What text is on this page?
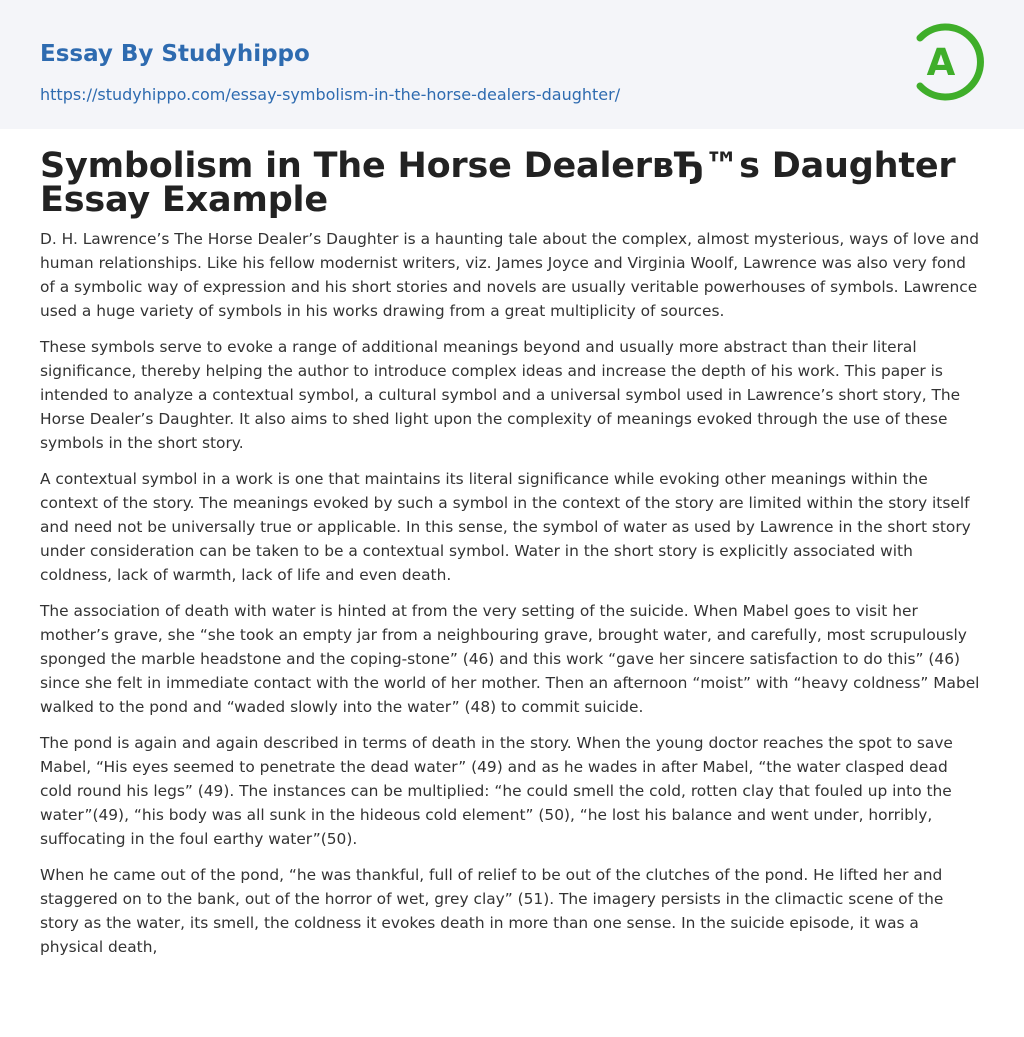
Essay By Studyhippo
https://studyhippo.com/essay-symbolism-in-the-horse-dealers-daughter/
A
Symbolism in The Horse DealerвЂ™s Daughter Essay Example

D. H. Lawrence’s The Horse Dealer’s Daughter is a haunting tale about the complex, almost mysterious, ways of love and human relationships. Like his fellow modernist writers, viz. James Joyce and Virginia Woolf, Lawrence was also very fond of a symbolic way of expression and his short stories and novels are usually veritable powerhouses of symbols. Lawrence used a huge variety of symbols in his works drawing from a great multiplicity of sources.

These symbols serve to evoke a range of additional meanings beyond and usually more abstract than their literal significance, thereby helping the author to introduce complex ideas and increase the depth of his work. This paper is intended to analyze a contextual symbol, a cultural symbol and a universal symbol used in Lawrence’s short story, The Horse Dealer’s Daughter. It also aims to shed light upon the complexity of meanings evoked through the use of these symbols in the short story.

A contextual symbol in a work is one that maintains its literal significance while evoking other meanings within the context of the story. The meanings evoked by such a symbol in the context of the story are limited within the story itself and need not be universally true or applicable. In this sense, the symbol of water as used by Lawrence in the short story under consideration can be taken to be a contextual symbol. Water in the short story is explicitly associated with coldness, lack of warmth, lack of life and even death.

The association of death with water is hinted at from the very setting of the suicide. When Mabel goes to visit her mother’s grave, she “she took an empty jar from a neighbouring grave, brought water, and carefully, most scrupulously sponged the marble headstone and the coping-stone” (46) and this work “gave her sincere satisfaction to do this” (46) since she felt in immediate contact with the world of her mother. Then an afternoon “moist” with “heavy coldness” Mabel walked to the pond and “waded slowly into the water” (48) to commit suicide.

The pond is again and again described in terms of death in the story. When the young doctor reaches the spot to save Mabel, “His eyes seemed to penetrate the dead water” (49) and as he wades in after Mabel, “the water clasped dead cold round his legs” (49). The instances can be multiplied: “he could smell the cold, rotten clay that fouled up into the water”(49), “his body was all sunk in the hideous cold element” (50), “he lost his balance and went under, horribly, suffocating in the foul earthy water”(50).

When he came out of the pond, “he was thankful, full of relief to be out of the clutches of the pond. He lifted her and staggered on to the bank, out of the horror of wet, grey clay” (51). The imagery persists in the climactic scene of the story as the water, its smell, the coldness it evokes death in more than one sense. In the suicide episode, it was a physical death,
